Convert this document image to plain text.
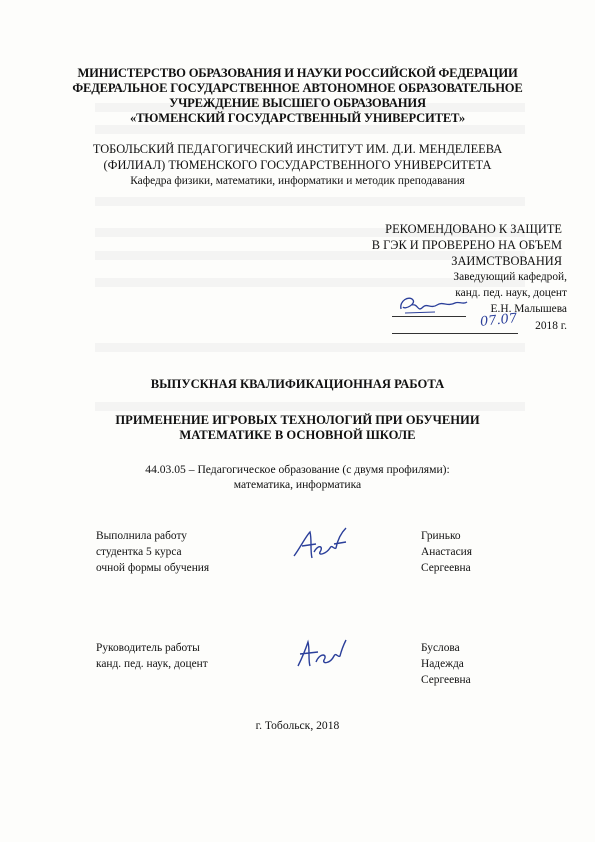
МИНИСТЕРСТВО ОБРАЗОВАНИЯ И НАУКИ РОССИЙСКОЙ ФЕДЕРАЦИИ
ФЕДЕРАЛЬНОЕ ГОСУДАРСТВЕННОЕ АВТОНОМНОЕ ОБРАЗОВАТЕЛЬНОЕ
УЧРЕЖДЕНИЕ ВЫСШЕГО ОБРАЗОВАНИЯ
«ТЮМЕНСКИЙ ГОСУДАРСТВЕННЫЙ УНИВЕРСИТЕТ»
ТОБОЛЬСКИЙ ПЕДАГОГИЧЕСКИЙ ИНСТИТУТ ИМ. Д.И. МЕНДЕЛЕЕВА
(ФИЛИАЛ) ТЮМЕНСКОГО ГОСУДАРСТВЕННОГО УНИВЕРСИТЕТА
Кафедра физики, математики, информатики и методик преподавания
РЕКОМЕНДОВАНО К ЗАЩИТЕ
В ГЭК И ПРОВЕРЕНО НА ОБЪЕМ
ЗАИМСТВОВАНИЯ
Заведующий кафедрой,
канд. пед. наук, доцент
Е.Н. Малышева
07.07 2018 г.
ВЫПУСКНАЯ КВАЛИФИКАЦИОННАЯ РАБОТА
ПРИМЕНЕНИЕ ИГРОВЫХ ТЕХНОЛОГИЙ ПРИ ОБУЧЕНИИ
МАТЕМАТИКЕ В ОСНОВНОЙ ШКОЛЕ
44.03.05 – Педагогическое образование (с двумя профилями):
математика, информатика
Выполнила работу
студентка 5 курса
очной формы обучения
Гринько
Анастасия
Сергеевна
Руководитель работы
канд. пед. наук, доцент
Буслова
Надежда
Сергеевна
г. Тобольск, 2018
